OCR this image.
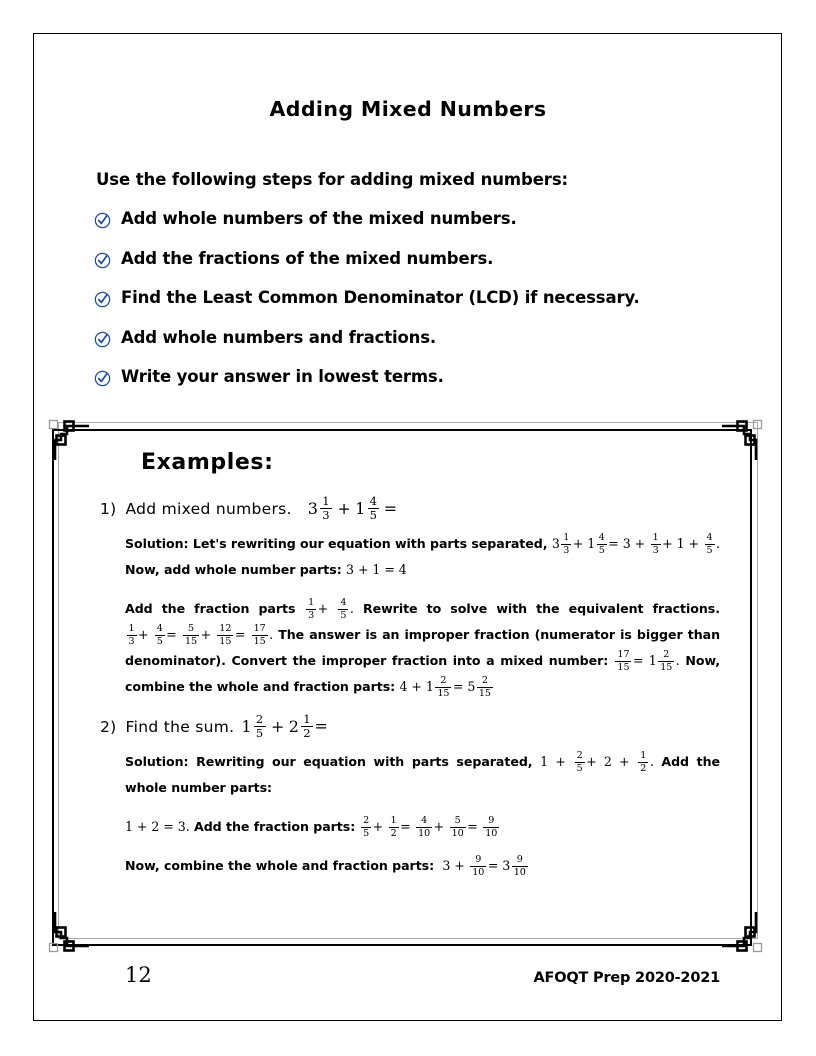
Adding Mixed Numbers
Use the following steps for adding mixed numbers:
Add whole numbers of the mixed numbers.
Add the fractions of the mixed numbers.
Find the Least Common Denominator (LCD) if necessary.
Add whole numbers and fractions.
Write your answer in lowest terms.
Examples:
1) Add mixed numbers. $3 \frac{1}{3} + 1 \frac{4}{5}$ =
Solution: Let's rewriting our equation with parts separated, $3 \frac{1}{3} + 1 \frac{4}{5} = 3 + \frac{1}{3} + 1 + \frac{4}{5}$ . Now, add whole number parts: 3 + 1 = 4
Add the fraction parts $\frac{1}{3} + \frac{4}{5}$ . Rewrite to solve with the equivalent fractions.
$\frac{1}{3} + \frac{4}{5} = \frac{5}{15} + \frac{12}{15} = \frac{17}{15}$ . The answer is an improper fraction (numerator is bigger than denominator). Convert the improper fraction into a mixed number: $\frac{17}{15} = 1 \frac{2}{15}$ . Now, combine the whole and fraction parts: $4 + 1 \frac{2}{15} = 5 \frac{2}{15}$
2) Find the sum. $1 \frac{2}{5} + 2 \frac{1}{2}$ =
Solution: Rewriting our equation with parts separated, $1 + \frac{2}{5} + 2 + \frac{1}{2}$ . Add the whole number parts:
1 + 2 = 3. Add the fraction parts: $\frac{2}{5} + \frac{1}{2} = \frac{4}{10} + \frac{5}{10} = \frac{9}{10}$
Now, combine the whole and fraction parts:  $3 + \frac{9}{10} = 3 \frac{9}{10}$
12	AFOQT Prep 2020-2021
